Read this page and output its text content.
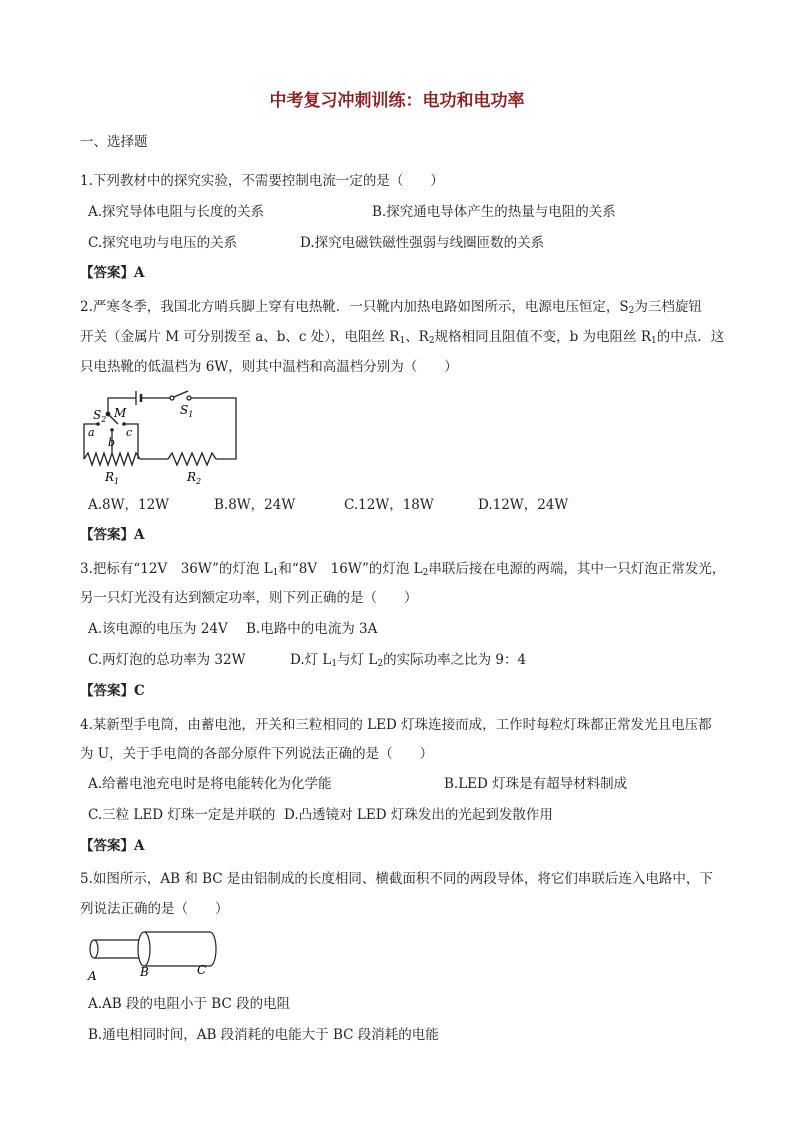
中考复习冲刺训练：电功和电功率
一、选择题
1.下列教材中的探究实验，不需要控制电流一定的是（　　）
A.探究导体电阻与长度的关系	B.探究通电导体产生的热量与电阻的关系
C.探究电功与电压的关系	D.探究电磁铁磁性强弱与线圈匝数的关系
【答案】A
2.严寒冬季，我国北方哨兵脚上穿有电热靴．一只靴内加热电路如图所示，电源电压恒定，$S_2$为三档旋钮
开关（金属片 M 可分别拨至 a、b、c 处），电阻丝 $R_1$、$R_2$规格相同且阻值不变，b 为电阻丝 $R_1$的中点．这
只电热靴的低温档为 6W，则其中温档和高温档分别为（　　）
$S_1$
$S_2$ M
a
b
c
$R_1$	$R_2$
A.8W，12W	B.8W，24W	C.12W，18W	D.12W，24W
【答案】A
3.把标有“12V　36W”的灯泡 $L_1$和“8V　16W”的灯泡 $L_2$串联后接在电源的两端，其中一只灯泡正常发光，
另一只灯光没有达到额定功率，则下列正确的是（　　）
A.该电源的电压为 24V B.电路中的电流为 3A
C.两灯泡的总功率为 32W	D.灯 $L_1$与灯 $L_2$的实际功率之比为 9：4
【答案】C
4.某新型手电筒，由蓄电池，开关和三粒相同的 LED 灯珠连接而成，工作时每粒灯珠都正常发光且电压都
为 U，关于手电筒的各部分原件下列说法正确的是（　　）
A.给蓄电池充电时是将电能转化为化学能	B.LED 灯珠是有超导材料制成
C.三粒 LED 灯珠一定是并联的 D.凸透镜对 LED 灯珠发出的光起到发散作用
【答案】A
5.如图所示，AB 和 BC 是由铝制成的长度相同、横截面积不同的两段导体，将它们串联后连入电路中，下
列说法正确的是（　　）
A	B	C
A.AB 段的电阻小于 BC 段的电阻
B.通电相同时间，AB 段消耗的电能大于 BC 段消耗的电能
